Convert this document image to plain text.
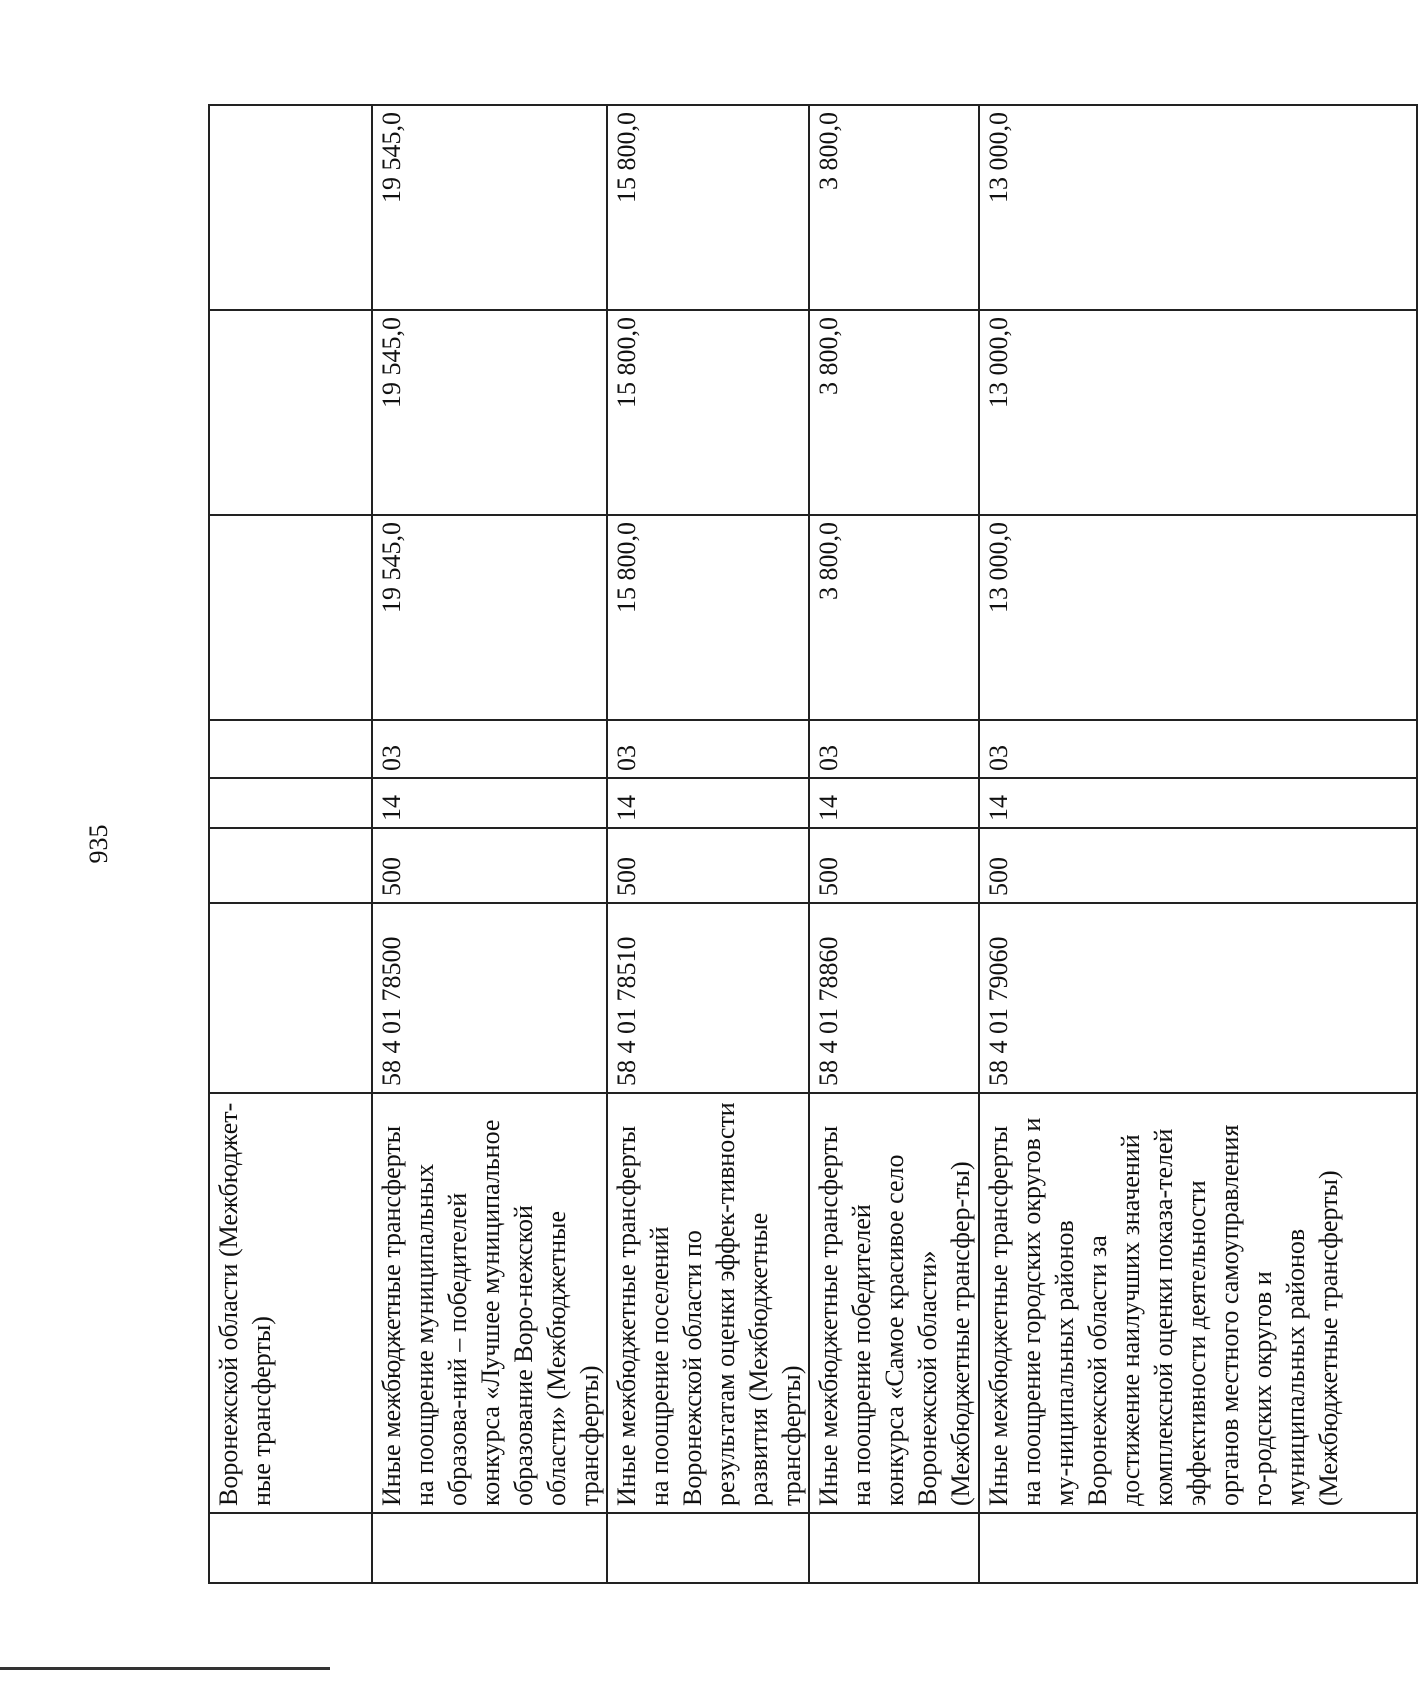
935

	Воронежской области (Межбюджет-ные трансферты)							

	Иные межбюджетные трансферты на поощрение муниципальных образова-ний – победителей конкурса «Лучшее муниципальное образование Воро-нежской области» (Межбюджетные трансферты)	58 4 01 78500	500	14	03	19 545,0	19 545,0	19 545,0

	Иные межбюджетные трансферты на поощрение поселений Воронежской области по результатам оценки эффек-тивности развития (Межбюджетные трансферты)	58 4 01 78510	500	14	03	15 800,0	15 800,0	15 800,0

	Иные межбюджетные трансферты на поощрение победителей конкурса «Самое красивое село Воронежской области» (Межбюджетные трансфер-ты)	58 4 01 78860	500	14	03	3 800,0	3 800,0	3 800,0

	Иные межбюджетные трансферты на поощрение городских округов и му-ниципальных районов Воронежской области за достижение наилучших значений комплексной оценки показа-телей эффективности деятельности органов местного самоуправления го-родских округов и муниципальных районов (Межбюджетные трансферты)	58 4 01 79060	500	14	03	13 000,0	13 000,0	13 000,0
